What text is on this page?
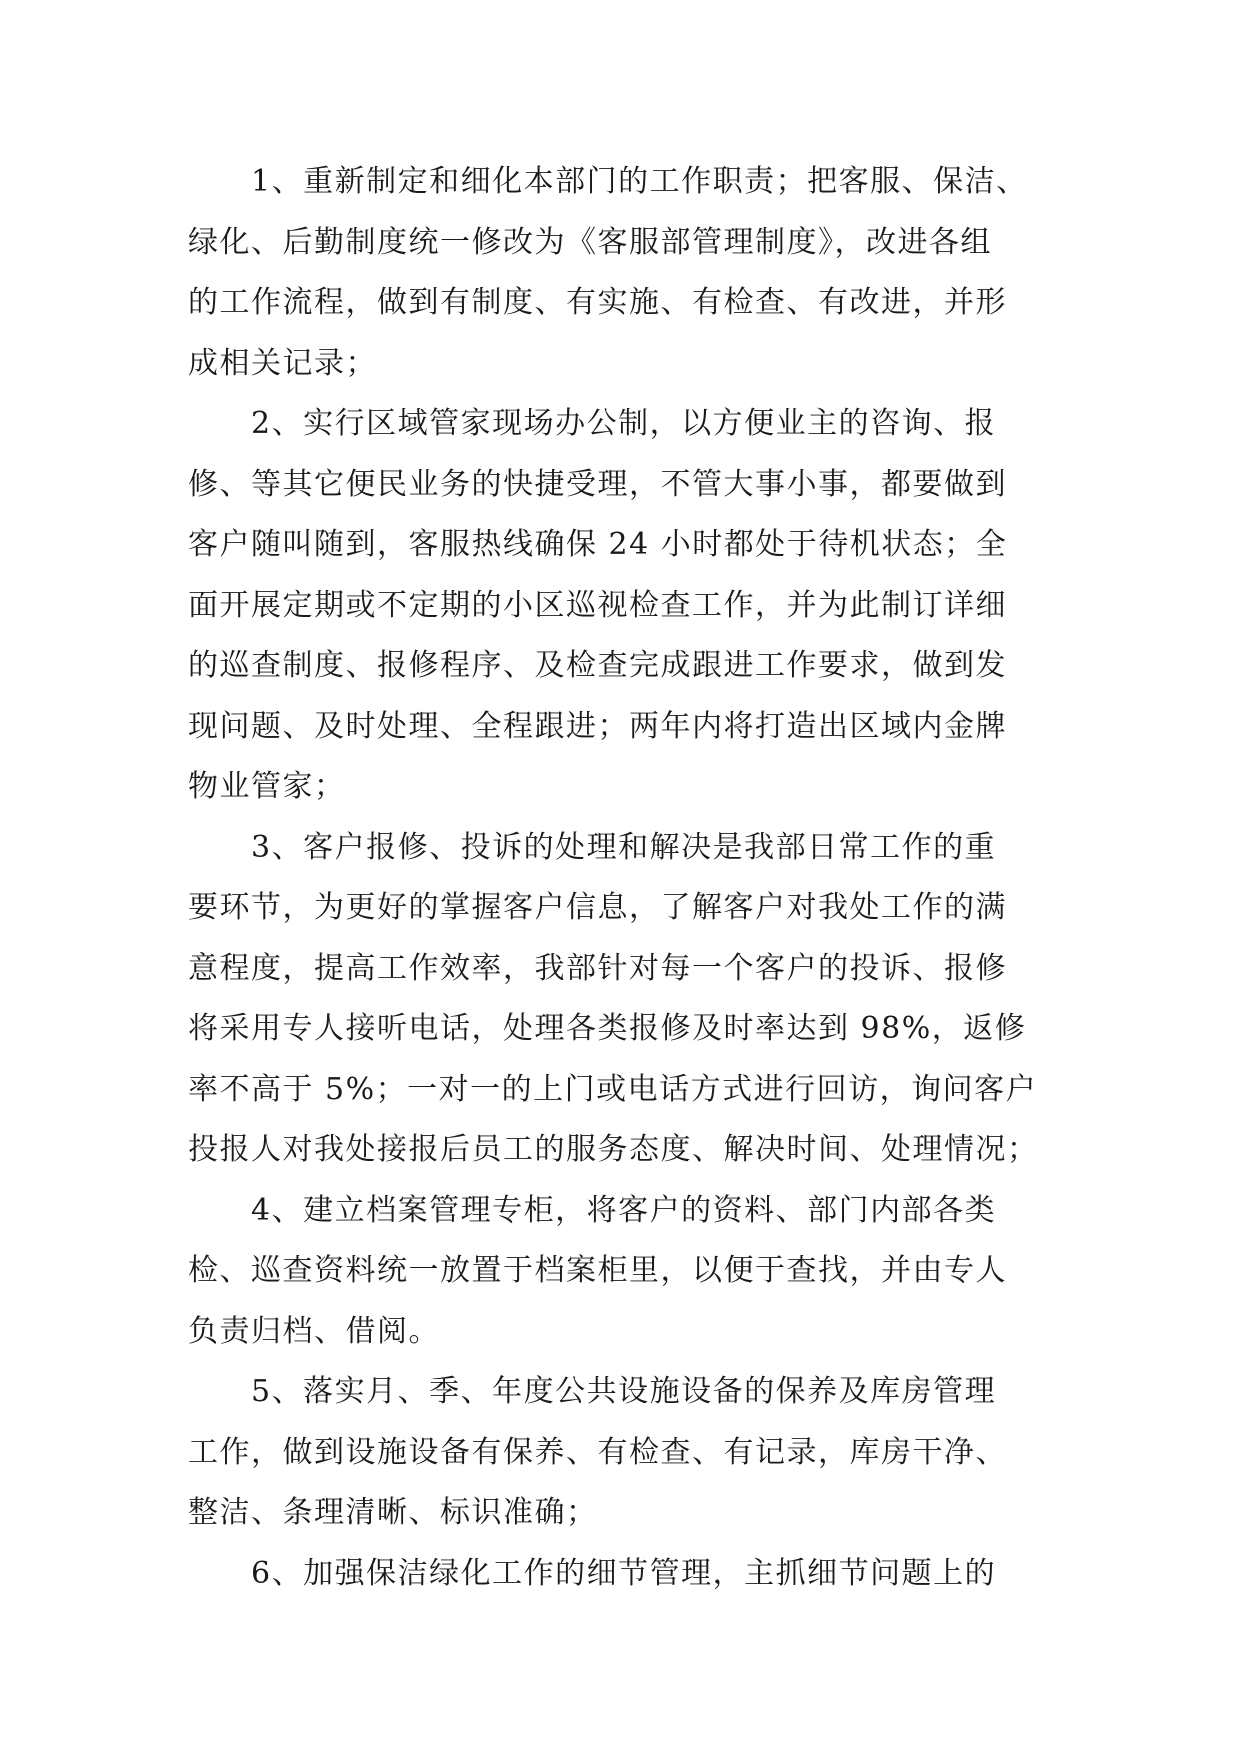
1、重新制定和细化本部门的工作职责；把客服、保洁、
绿化、后勤制度统一修改为《客服部管理制度》，改进各组
的工作流程，做到有制度、有实施、有检查、有改进，并形
成相关记录；

2、实行区域管家现场办公制，以方便业主的咨询、报
修、等其它便民业务的快捷受理，不管大事小事，都要做到
客户随叫随到，客服热线确保 24 小时都处于待机状态；全
面开展定期或不定期的小区巡视检查工作，并为此制订详细
的巡查制度、报修程序、及检查完成跟进工作要求，做到发
现问题、及时处理、全程跟进；两年内将打造出区域内金牌
物业管家；

3、客户报修、投诉的处理和解决是我部日常工作的重
要环节，为更好的掌握客户信息，了解客户对我处工作的满
意程度，提高工作效率，我部针对每一个客户的投诉、报修
将采用专人接听电话，处理各类报修及时率达到 98%，返修
率不高于 5%；一对一的上门或电话方式进行回访，询问客户
投报人对我处接报后员工的服务态度、解决时间、处理情况；

4、建立档案管理专柜，将客户的资料、部门内部各类
检、巡查资料统一放置于档案柜里，以便于查找，并由专人
负责归档、借阅。

5、落实月、季、年度公共设施设备的保养及库房管理
工作，做到设施设备有保养、有检查、有记录，库房干净、
整洁、条理清晰、标识准确；

6、加强保洁绿化工作的细节管理，主抓细节问题上的
